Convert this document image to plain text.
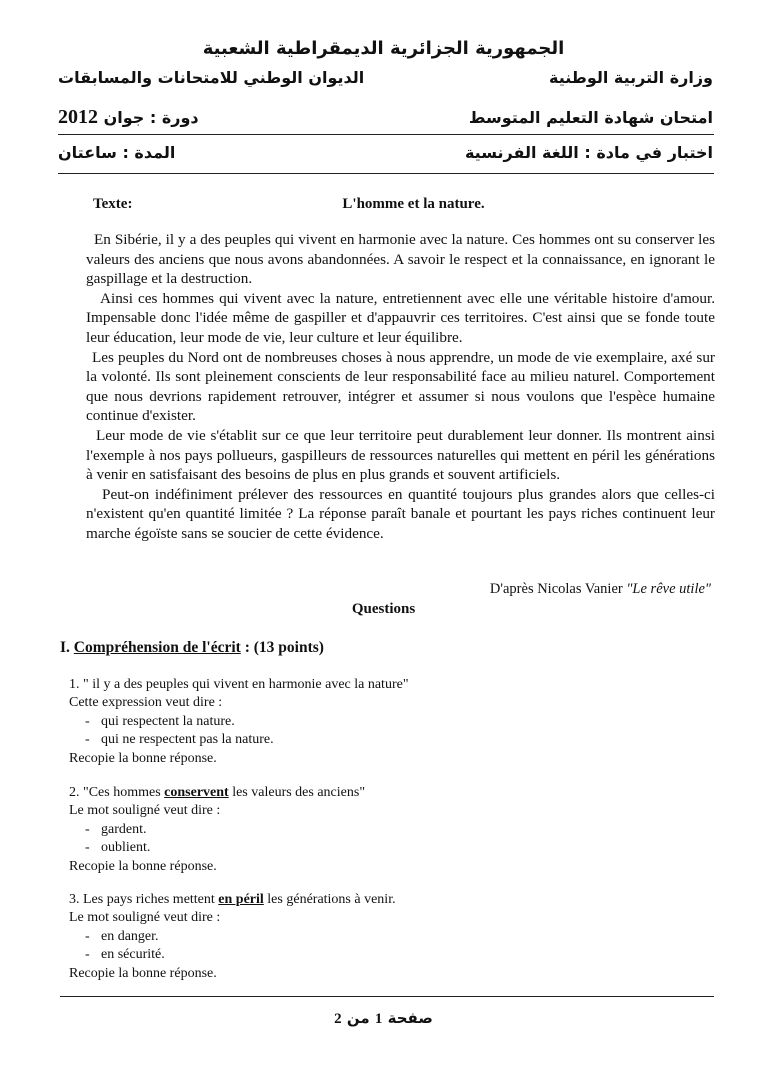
الجمهورية الجزائرية الديمقراطية الشعبية
الديوان الوطني للامتحانات والمسابقات	وزارة التربية الوطنية
دورة : جوان 2012	امتحان شهادة التعليم المتوسط
المدة : ساعتان	اختبار في مادة : اللغة الفرنسية
L'homme et la nature.
Texte:

En Sibérie, il y a des peuples qui vivent en harmonie avec la nature. Ces hommes ont su conserver les valeurs des anciens que nous avons abandonnées. A savoir le respect et la connaissance, en ignorant le gaspillage et la destruction.

Ainsi ces hommes qui vivent avec la nature, entretiennent avec elle une véritable histoire d'amour. Impensable donc l'idée même de gaspiller et d'appauvrir ces territoires. C'est ainsi que se fonde toute leur éducation, leur mode de vie, leur culture et leur équilibre.

Les peuples du Nord ont de nombreuses choses à nous apprendre, un mode de vie exemplaire, axé sur la volonté. Ils sont pleinement conscients de leur responsabilité face au milieu naturel. Comportement que nous devrions rapidement retrouver, intégrer et assumer si nous voulons que l'espèce humaine continue d'exister.

Leur mode de vie s'établit sur ce que leur territoire peut durablement leur donner. Ils montrent ainsi l'exemple à nos pays pollueurs, gaspilleurs de ressources naturelles qui mettent en péril les générations à venir en satisfaisant des besoins de plus en plus grands et souvent artificiels.

Peut-on indéfiniment prélever des ressources en quantité toujours plus grandes alors que celles-ci n'existent qu'en quantité limitée ? La réponse paraît banale et pourtant les pays riches continuent leur marche égoïste sans se soucier de cette évidence.

D'après Nicolas Vanier "Le rêve utile"
Questions
I. Compréhension de l'écrit : (13 points)
1. " il y a des peuples qui vivent en harmonie avec la nature"
Cette expression veut dire :
- qui respectent la nature.
- qui ne respectent pas la nature.
Recopie la bonne réponse.
2. "Ces hommes conservent les valeurs des anciens"
Le mot souligné veut dire :
- gardent.
- oublient.
Recopie la bonne réponse.
3. Les pays riches mettent en péril les générations à venir.
Le mot souligné veut dire :
- en danger.
- en sécurité.
Recopie la bonne réponse.
صفحة 1 من 2
